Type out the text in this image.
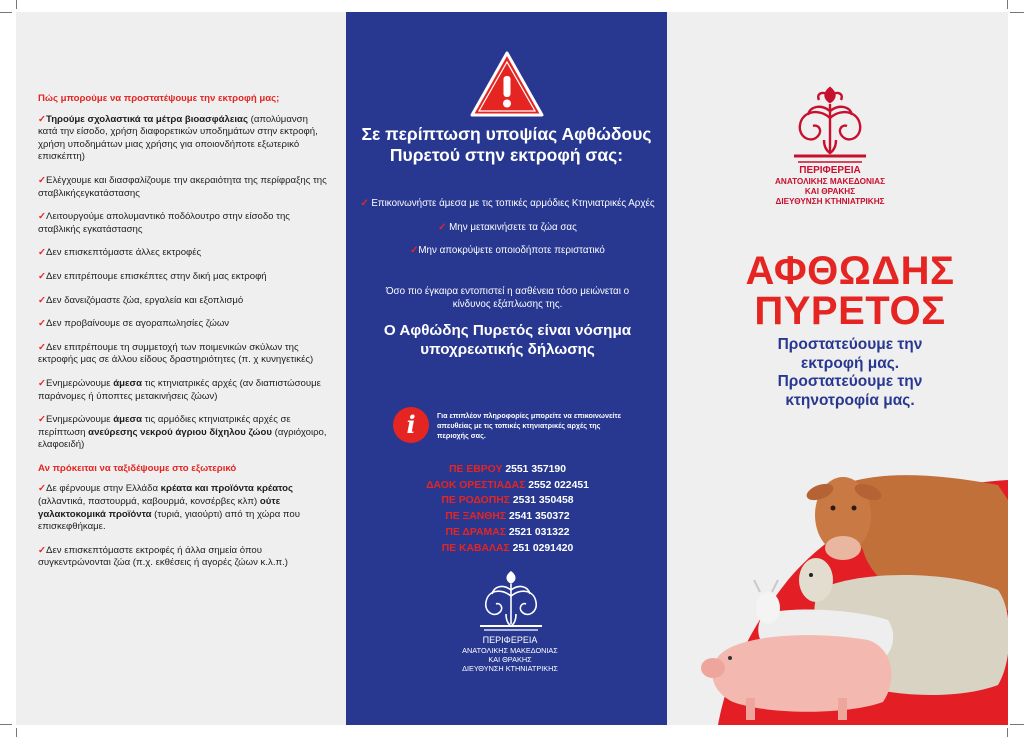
Πώς μπορούμε να προστατέψουμε την εκτροφή μας;
✓Τηρούμε σχολαστικά τα μέτρα βιοασφάλειας (απολύμανση κατά την είσοδο, χρήση διαφορετικών υποδημάτων στην εκτροφή, χρήση υποδημάτων μιας χρήσης για οποιονδήποτε εξωτερικό επισκέπτη)
✓Ελέγχουμε και διασφαλίζουμε την ακεραιότητα της περίφραξης της σταβλικήςεγκατάστασης
✓Λειτουργούμε απολυμαντικό ποδόλουτρο στην είσοδο της σταβλικής εγκατάστασης
✓Δεν επισκεπτόμαστε άλλες εκτροφές
✓Δεν επιτρέπουμε επισκέπτες στην δική μας εκτροφή
✓Δεν δανειζόμαστε ζώα, εργαλεία και εξοπλισμό
✓Δεν προβαίνουμε σε αγοραπωλησίες ζώων
✓Δεν επιτρέπουμε τη συμμετοχή των ποιμενικών σκύλων της εκτροφής μας σε άλλου είδους δραστηριότητες (π. χ κυνηγετικές)
✓Ενημερώνουμε άμεσα τις κτηνιατρικές αρχές (αν διαπιστώσουμε παράνομες ή ύποπτες μετακινήσεις ζώων)
✓Ενημερώνουμε άμεσα τις αρμόδιες κτηνιατρικές αρχές σε περίπτωση ανεύρεσης νεκρού άγριου δίχηλου ζώου (αγριόχοιρο, ελαφοειδή)
Αν πρόκειται να ταξιδέψουμε στο εξωτερικό
✓Δε φέρνουμε στην Ελλάδα κρέατα και προϊόντα κρέατος (αλλαντικά, παστουρμά, καβουρμά, κονσέρβες κλπ) ούτε γαλακτοκομικά προϊόντα (τυριά, γιαούρτι) από τη χώρα που επισκεφθήκαμε.
✓Δεν επισκεπτόμαστε εκτροφές ή άλλα σημεία όπου συγκεντρώνονται ζώα (π.χ. εκθέσεις ή αγορές ζώων κ.λ.π.)
Σε περίπτωση υποψίας Αφθώδους Πυρετού στην εκτροφή σας:
✓ Επικοινωνήστε άμεσα με τις τοπικές αρμόδιες Κτηνιατρικές Αρχές
✓ Μην μετακινήσετε τα ζώα σας
✓Μην αποκρύψετε οποιοδήποτε περιστατικό
Όσο πιο έγκαιρα εντοπιστεί η ασθένεια τόσο μειώνεται ο κίνδυνος εξάπλωσης της.
Ο Αφθώδης Πυρετός είναι νόσημα υποχρεωτικής δήλωσης
i	Για επιπλέον πληροφορίες μπορείτε να επικοινωνείτε απευθείας με τις τοπικές κτηνιατρικές αρχές της περιοχής σας.
ΠΕ ΕΒΡΟΥ 2551 357190
ΔΑΟΚ ΟΡΕΣΤΙΑΔΑΣ 2552 022451
ΠΕ ΡΟΔΟΠΗΣ 2531 350458
ΠΕ ΞΑΝΘΗΣ 2541 350372
ΠΕ ΔΡΑΜΑΣ 2521 031322
ΠΕ ΚΑΒΑΛΑΣ 251 0291420
ΠΕΡΙΦΕΡΕΙΑ
ΑΝΑΤΟΛΙΚΗΣ ΜΑΚΕΔΟΝΙΑΣ
ΚΑΙ ΘΡΑΚΗΣ
ΔΙΕΥΘΥΝΣΗ ΚΤΗΝΙΑΤΡΙΚΗΣ
ΠΕΡΙΦΕΡΕΙΑ
ΑΝΑΤΟΛΙΚΗΣ ΜΑΚΕΔΟΝΙΑΣ
ΚΑΙ ΘΡΑΚΗΣ
ΔΙΕΥΘΥΝΣΗ ΚΤΗΝΙΑΤΡΙΚΗΣ
ΑΦΘΩΔΗΣ
ΠΥΡΕΤΟΣ
Προστατεύουμε την
εκτροφή μας.
Προστατεύουμε την
κτηνοτροφία μας.
